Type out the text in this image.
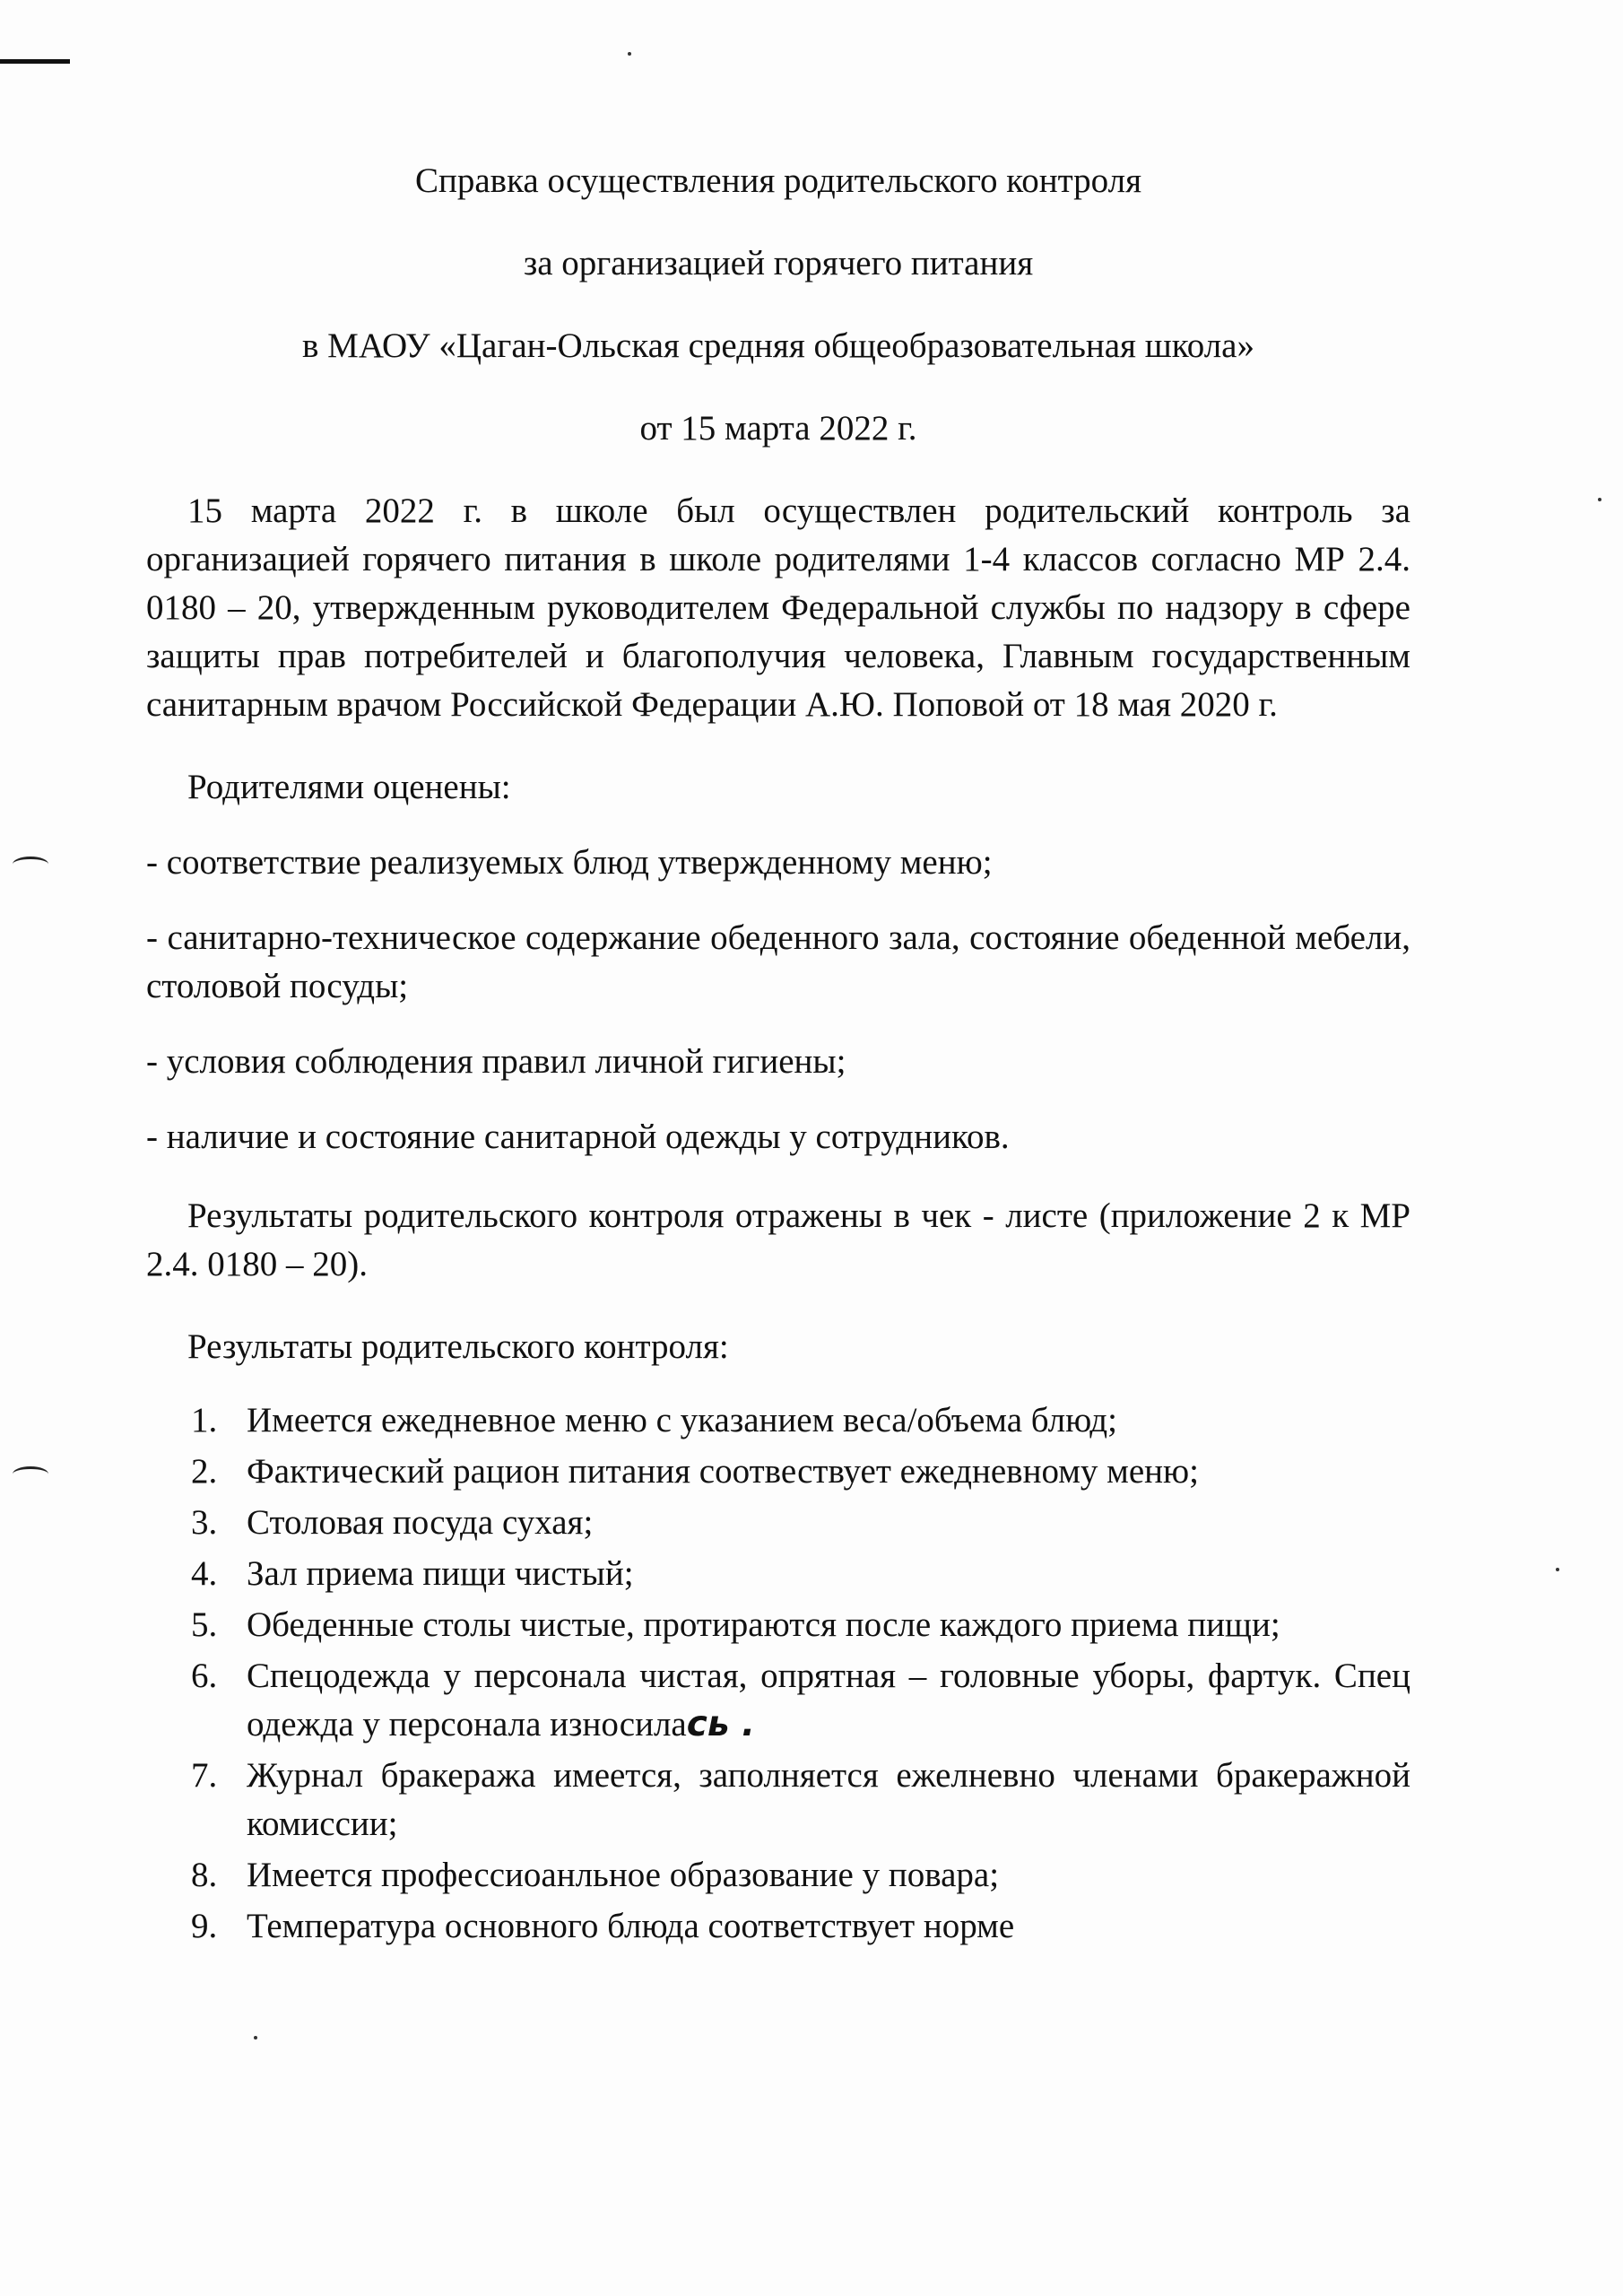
Справка осуществления родительского контроля
за организацией горячего питания
в МАОУ «Цаган-Ольская средняя общеобразовательная школа»
от 15 марта 2022 г.

15 марта 2022 г. в школе был осуществлен родительский контроль за организацией горячего питания в школе родителями 1-4 классов согласно МР 2.4. 0180 – 20, утвержденным руководителем Федеральной службы по надзору в сфере защиты прав потребителей и благополучия человека, Главным государственным санитарным врачом Российской Федерации А.Ю. Поповой от 18 мая 2020 г.

Родителями оценены:

- соответствие реализуемых блюд утвержденному меню;

- санитарно-техническое содержание обеденного зала, состояние обеденной мебели, столовой посуды;

- условия соблюдения правил личной гигиены;

- наличие и состояние санитарной одежды у сотрудников.

Результаты родительского контроля отражены в чек - листе (приложение 2 к МР 2.4. 0180 – 20).

Результаты родительского контроля:

1. Имеется ежедневное меню с указанием веса/объема блюд;
2. Фактический рацион питания соотвествует ежедневному меню;
3. Столовая посуда сухая;
4. Зал приема пищи чистый;
5. Обеденные столы чистые, протираются после каждого приема пищи;
6. Спецодежда у персонала чистая, опрятная – головные уборы, фартук. Спец одежда у персонала износилась .
7. Журнал бракеража имеется, заполняется ежелневно членами бракеражной комиссии;
8. Имеется профессиоанльное образование у повара;
9. Температура основного блюда соответствует норме
